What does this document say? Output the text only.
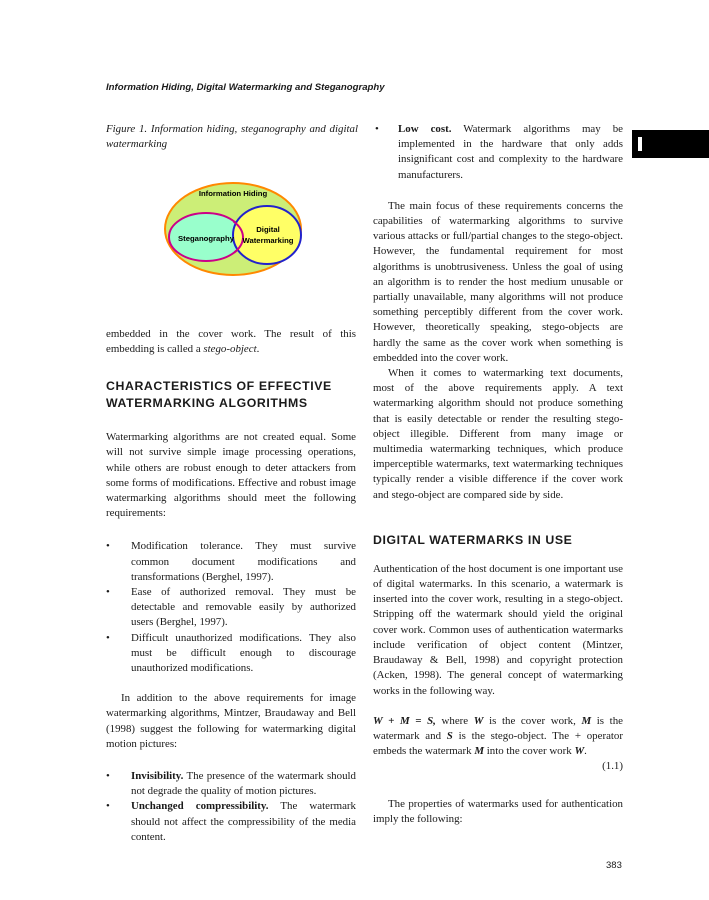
Information Hiding, Digital Watermarking and Steganography

Figure 1. Information hiding, steganography and digital watermarking

Information Hiding
Steganography
Digital
Watermarking

embedded in the cover work. The result of this embedding is called a stego-object.

CHARACTERISTICS OF EFFECTIVE WATERMARKING ALGORITHMS

Watermarking algorithms are not created equal. Some will not survive simple image processing operations, while others are robust enough to deter attackers from some forms of modifications. Effective and robust image watermarking algorithms should meet the following requirements:

• Modification tolerance. They must survive common document modifications and transformations (Berghel, 1997).
• Ease of authorized removal. They must be detectable and removable easily by authorized users (Berghel, 1997).
• Difficult unauthorized modifications. They also must be difficult enough to discourage unauthorized modifications.

In addition to the above requirements for image watermarking algorithms, Mintzer, Braudaway and Bell (1998) suggest the following for watermarking digital motion pictures:

• Invisibility. The presence of the watermark should not degrade the quality of motion pictures.
• Unchanged compressibility. The watermark should not affect the compressibility of the media content.
• Low cost. Watermark algorithms may be implemented in the hardware that only adds insignificant cost and complexity to the hardware manufacturers.

The main focus of these requirements concerns the capabilities of watermarking algorithms to survive various attacks or full/partial changes to the stego-object. However, the fundamental requirement for most algorithms is unobtrusiveness. Unless the goal of using an algorithm is to render the host medium unusable or partially unavailable, many algorithms will not produce something perceptibly different from the cover work. However, theoretically speaking, stego-objects are hardly the same as the cover work when something is embedded into the cover work.

When it comes to watermarking text documents, most of the above requirements apply. A text watermarking algorithm should not produce something that is easily detectable or render the resulting stego-object illegible. Different from many image or multimedia watermarking techniques, which produce imperceptible watermarks, text watermarking techniques typically render a visible difference if the cover work and stego-object are compared side by side.

DIGITAL WATERMARKS IN USE

Authentication of the host document is one important use of digital watermarks. In this scenario, a watermark is inserted into the cover work, resulting in a stego-object. Stripping off the watermark should yield the original cover work. Common uses of authentication watermarks include verification of object content (Mintzer, Braudaway & Bell, 1998) and copyright protection (Acken, 1998). The general concept of watermarking works in the following way.

W + M = S, where W is the cover work, M is the watermark and S is the stego-object. The + operator embeds the watermark M into the cover work W.
(1.1)

The properties of watermarks used for authentication imply the following:

383
